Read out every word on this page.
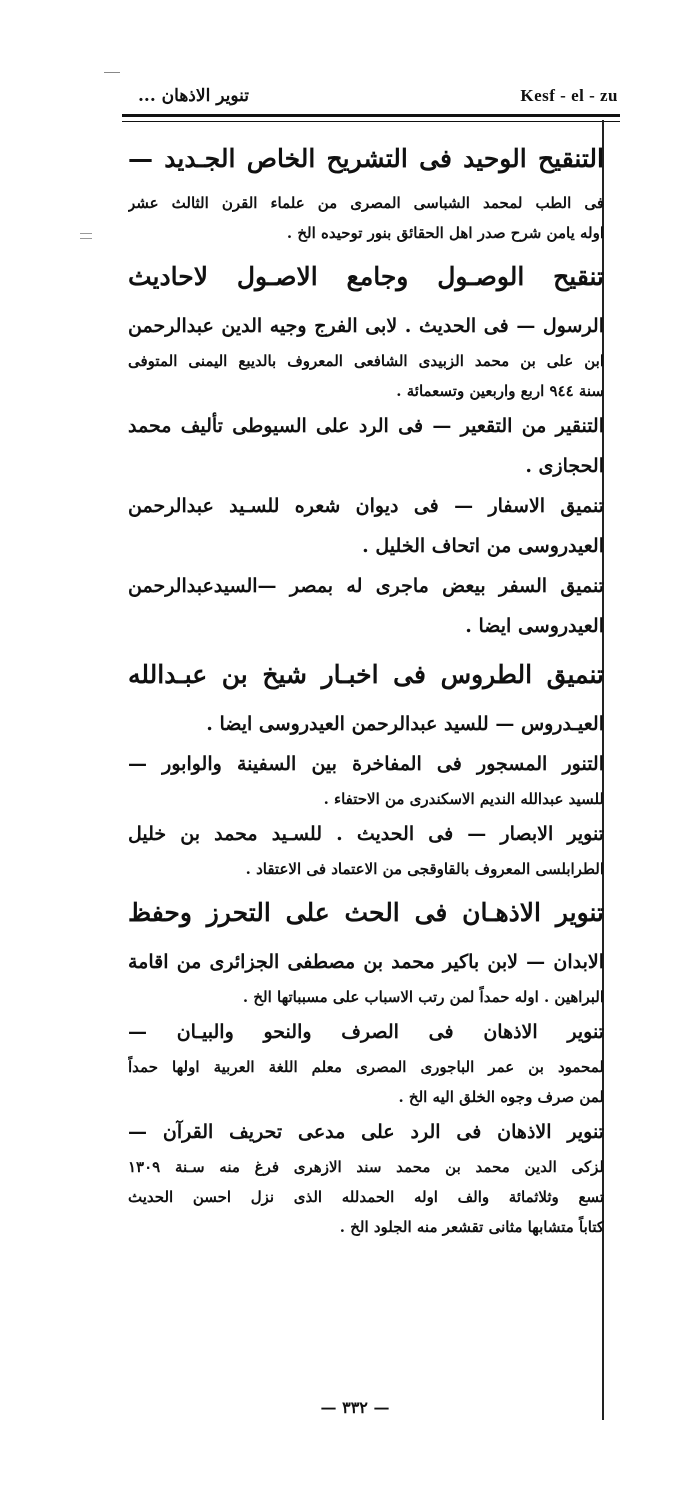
تنوير الاذهان ...	Kesf - el - zu
التنقيح الوحيد فى التشريح الخاص الجـديد —
فى الطب لمحمد الشباسى المصرى من علماء القرن الثالث عشر
اوله يامن شرح صدر اهل الحقائق بنور توحيده الخ .
تنقيح الوصـول وجامع الاصـول لاحاديث
الرسول — فى الحديث . لابى الفرج وجيه الدين عبدالرحمن
ابن على بن محمد الزبيدى الشافعى المعروف بالديبع اليمنى المتوفى
سنة ٩٤٤ اربع واربعين وتسعمائة .
التنقير من التقعير — فى الرد على السيوطى تأليف محمد
الحجازى .
تنميق الاسفار — فى ديوان شعره للسـيد عبدالرحمن
العيدروسى من اتحاف الخليل .
تنميق السفر بيعض ماجرى له بمصر —السيدعبدالرحمن
العيدروسى ايضا .
تنميق الطروس فى اخبـار شيخ بن عبـدالله
العيـدروس — للسيد عبدالرحمن العيدروسى ايضا .
التنور المسجور فى المفاخرة بين السفينة والوابور —
للسيد عبدالله النديم الاسكندرى من الاحتفاء .
تنوير الابصار — فى الحديث . للسـيد محمد بن خليل
الطرابلسى المعروف بالقاوقجى من الاعتماد فى الاعتقاد .
تنوير الاذهـان فى الحث على التحرز وحفظ
الابدان — لابن باكير محمد بن مصطفى الجزائرى من اقامة
البراهين . اوله حمداً لمن رتب الاسباب على مسبباتها الخ .
تنوير الاذهان فى الصرف والنحو والبيـان —
لمحمود بن عمر الباجورى المصرى معلم اللغة العربية اولها حمداً
لمن صرف وجوه الخلق اليه الخ .
تنوير الاذهان فى الرد على مدعى تحريف القرآن —
لزكى الدين محمد بن محمد سند الازهرى فرغ منه سـنة ١٣٠٩
تسع وثلاثمائة والف اوله الحمدلله الذى نزل احسن الحديث
كتاباً متشابها مثانى تقشعر منه الجلود الخ .
— ٣٣٢ —
